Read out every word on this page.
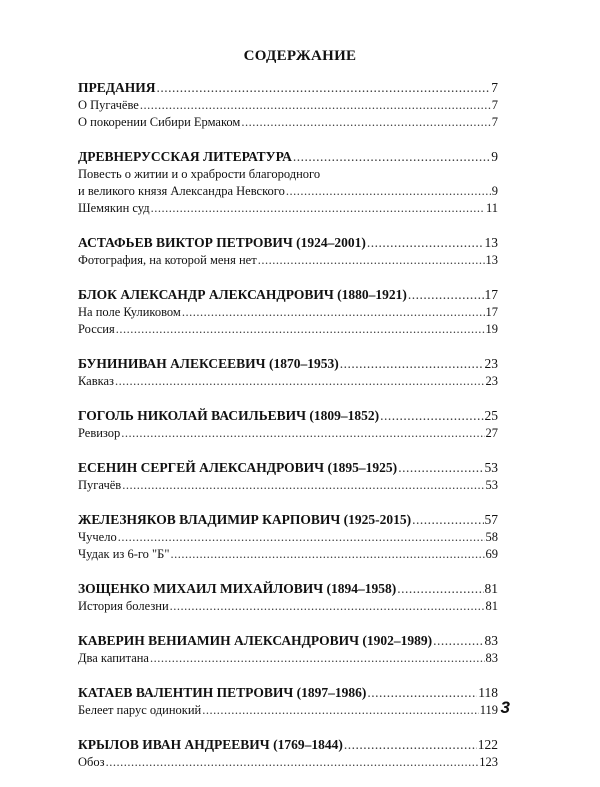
СОДЕРЖАНИЕ
ПРЕДАНИЯ .....	7
О Пугачёве .....	7
О покорении Сибири Ермаком .....	7
ДРЕВНЕРУССКАЯ ЛИТЕРАТУРА .....	9
Повесть о житии и о храбрости благородного
и великого князя Александра Невского .....	9
Шемякин суд .....	11
АСТАФЬЕВ ВИКТОР ПЕТРОВИЧ (1924–2001) .....	13
Фотография, на которой меня нет .....	13
БЛОК АЛЕКСАНДР АЛЕКСАНДРОВИЧ (1880–1921) .....	17
На поле Куликовом .....	17
Россия .....	19
БУНИНИВАН АЛЕКСЕЕВИЧ (1870–1953) .....	23
Кавказ .....	23
ГОГОЛЬ НИКОЛАЙ ВАСИЛЬЕВИЧ (1809–1852) .....	25
Ревизор .....	27
ЕСЕНИН СЕРГЕЙ АЛЕКСАНДРОВИЧ (1895–1925) .....	53
Пугачёв .....	53
ЖЕЛЕЗНЯКОВ ВЛАДИМИР КАРПОВИЧ (1925-2015) .....	57
Чучело .....	58
Чудак из 6-го "Б" .....	69
ЗОЩЕНКО МИХАИЛ МИХАЙЛОВИЧ (1894–1958) .....	81
История болезни .....	81
КАВЕРИН ВЕНИАМИН АЛЕКСАНДРОВИЧ (1902–1989) .....	83
Два капитана .....	83
КАТАЕВ ВАЛЕНТИН ПЕТРОВИЧ (1897–1986) .....	118
Белеет парус одинокий .....	119
КРЫЛОВ ИВАН АНДРЕЕВИЧ (1769–1844) .....	122
Обоз .....	123
3
